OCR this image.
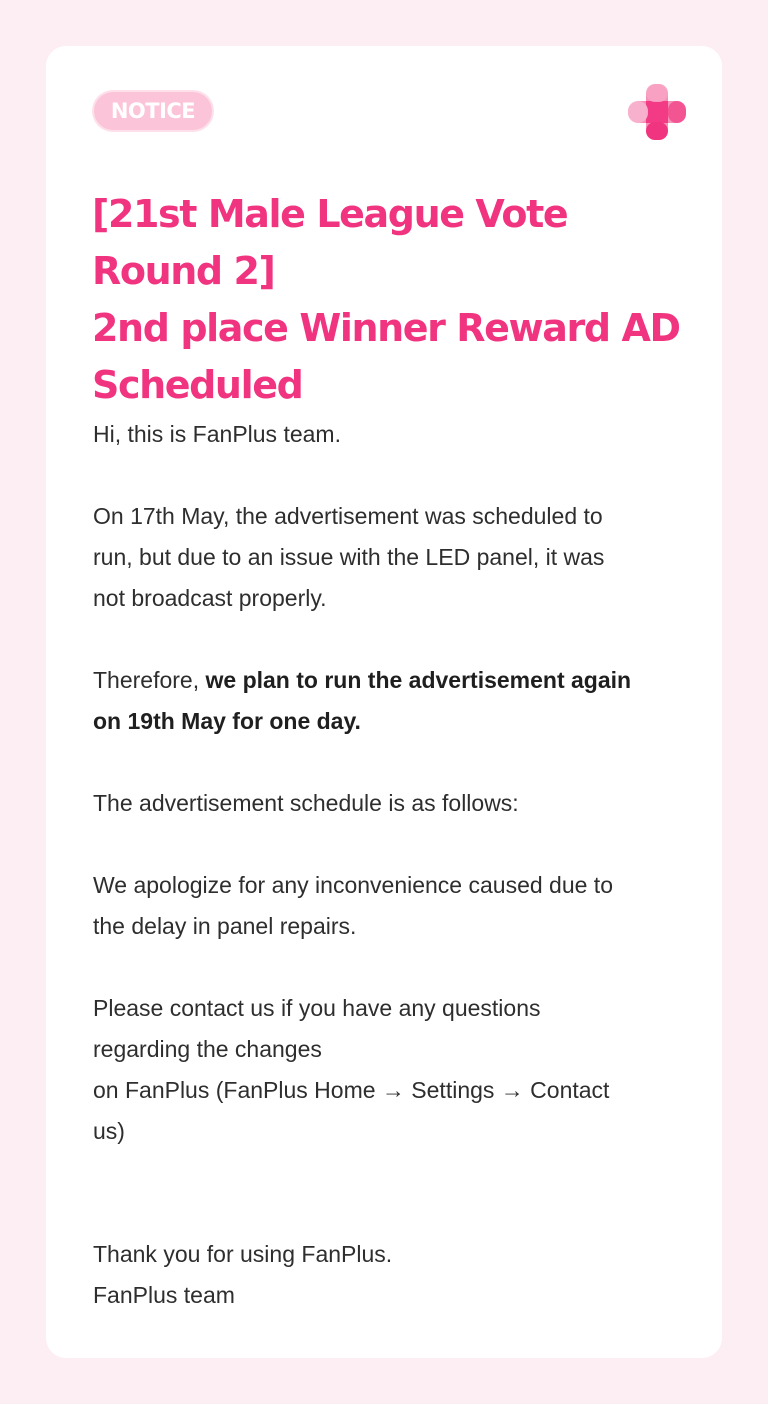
NOTICE
[21st Male League Vote Round 2]
2nd place Winner Reward AD
Scheduled

Hi, this is FanPlus team.

On 17th May, the advertisement was scheduled to
run, but due to an issue with the LED panel, it was
not broadcast properly.

Therefore, we plan to run the advertisement again
on 19th May for one day.

The advertisement schedule is as follows:

We apologize for any inconvenience caused due to
the delay in panel repairs.

Please contact us if you have any questions
regarding the changes
on FanPlus (FanPlus Home → Settings → Contact
us)

Thank you for using FanPlus.
FanPlus team
